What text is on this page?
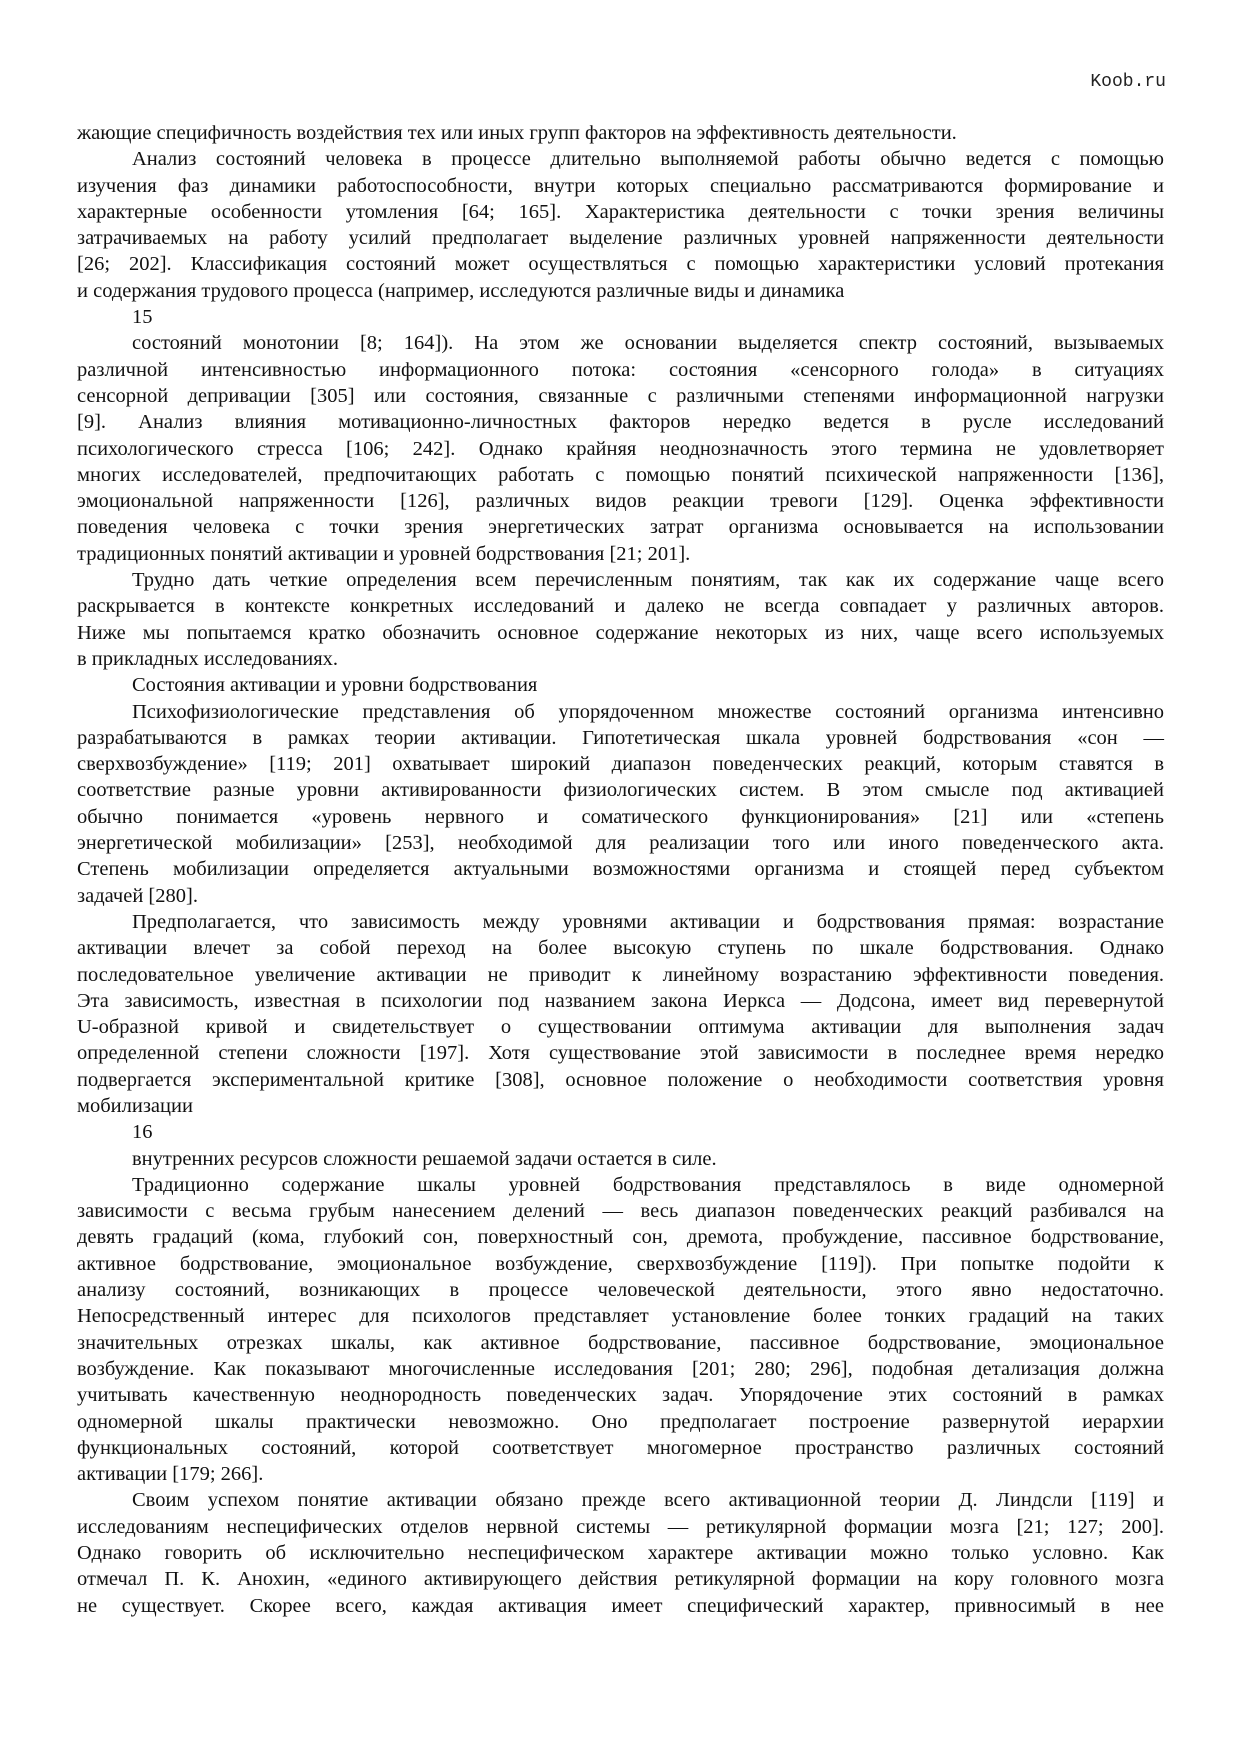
Koob.ru
жающие специфичность воздействия тех или иных групп факторов на эффективность деятельности.
Анализ состояний человека в процессе длительно выполняемой работы обычно ведется с помощью
изучения фаз динамики работоспособности, внутри которых специально рассматриваются формирование и
характерные особенности утомления [64; 165]. Характеристика деятельности с точки зрения величины
затрачиваемых на работу усилий предполагает выделение различных уровней напряженности деятельности
[26; 202]. Классификация состояний может осуществляться с помощью характеристики условий протекания
и содержания трудового процесса (например, исследуются различные виды и динамика
15
состояний монотонии [8; 164]). На этом же основании выделяется спектр состояний, вызываемых
различной интенсивностью информационного потока: состояния «сенсорного голода» в ситуациях
сенсорной депривации [305] или состояния, связанные с различными степенями информационной нагрузки
[9]. Анализ влияния мотивационно-личностных факторов нередко ведется в русле исследований
психологического стресса [106; 242]. Однако крайняя неоднозначность этого термина не удовлетворяет
многих исследователей, предпочитающих работать с помощью понятий психической напряженности [136],
эмоциональной напряженности [126], различных видов реакции тревоги [129]. Оценка эффективности
поведения человека с точки зрения энергетических затрат организма основывается на использовании
традиционных понятий активации и уровней бодрствования [21; 201].
Трудно дать четкие определения всем перечисленным понятиям, так как их содержание чаще всего
раскрывается в контексте конкретных исследований и далеко не всегда совпадает у различных авторов.
Ниже мы попытаемся кратко обозначить основное содержание некоторых из них, чаще всего используемых
в прикладных исследованиях.
Состояния активации и уровни бодрствования
Психофизиологические представления об упорядоченном множестве состояний организма интенсивно
разрабатываются в рамках теории активации. Гипотетическая шкала уровней бодрствования «сон —
сверхвозбуждение» [119; 201] охватывает широкий диапазон поведенческих реакций, которым ставятся в
соответствие разные уровни активированности физиологических систем. В этом смысле под активацией
обычно понимается «уровень нервного и соматического функционирования» [21] или «степень
энергетической мобилизации» [253], необходимой для реализации того или иного поведенческого акта.
Степень мобилизации определяется актуальными возможностями организма и стоящей перед субъектом
задачей [280].
Предполагается, что зависимость между уровнями активации и бодрствования прямая: возрастание
активации влечет за собой переход на более высокую ступень по шкале бодрствования. Однако
последовательное увеличение активации не приводит к линейному возрастанию эффективности поведения.
Эта зависимость, известная в психологии под названием закона Иеркса — Додсона, имеет вид перевернутой
U-образной кривой и свидетельствует о существовании оптимума активации для выполнения задач
определенной степени сложности [197]. Хотя существование этой зависимости в последнее время нередко
подвергается экспериментальной критике [308], основное положение о необходимости соответствия уровня
мобилизации
16
внутренних ресурсов сложности решаемой задачи остается в силе.
Традиционно содержание шкалы уровней бодрствования представлялось в виде одномерной
зависимости с весьма грубым нанесением делений — весь диапазон поведенческих реакций разбивался на
девять градаций (кома, глубокий сон, поверхностный сон, дремота, пробуждение, пассивное бодрствование,
активное бодрствование, эмоциональное возбуждение, сверхвозбуждение [119]). При попытке подойти к
анализу состояний, возникающих в процессе человеческой деятельности, этого явно недостаточно.
Непосредственный интерес для психологов представляет установление более тонких градаций на таких
значительных отрезках шкалы, как активное бодрствование, пассивное бодрствование, эмоциональное
возбуждение. Как показывают многочисленные исследования [201; 280; 296], подобная детализация должна
учитывать качественную неоднородность поведенческих задач. Упорядочение этих состояний в рамках
одномерной шкалы практически невозможно. Оно предполагает построение развернутой иерархии
функциональных состояний, которой соответствует многомерное пространство различных состояний
активации [179; 266].
Своим успехом понятие активации обязано прежде всего активационной теории Д. Линдсли [119] и
исследованиям неспецифических отделов нервной системы — ретикулярной формации мозга [21; 127; 200].
Однако говорить об исключительно неспецифическом характере активации можно только условно. Как
отмечал П. К. Анохин, «единого активирующего действия ретикулярной формации на кору головного мозга
не существует. Скорее всего, каждая активация имеет специфический характер, привносимый в нее
